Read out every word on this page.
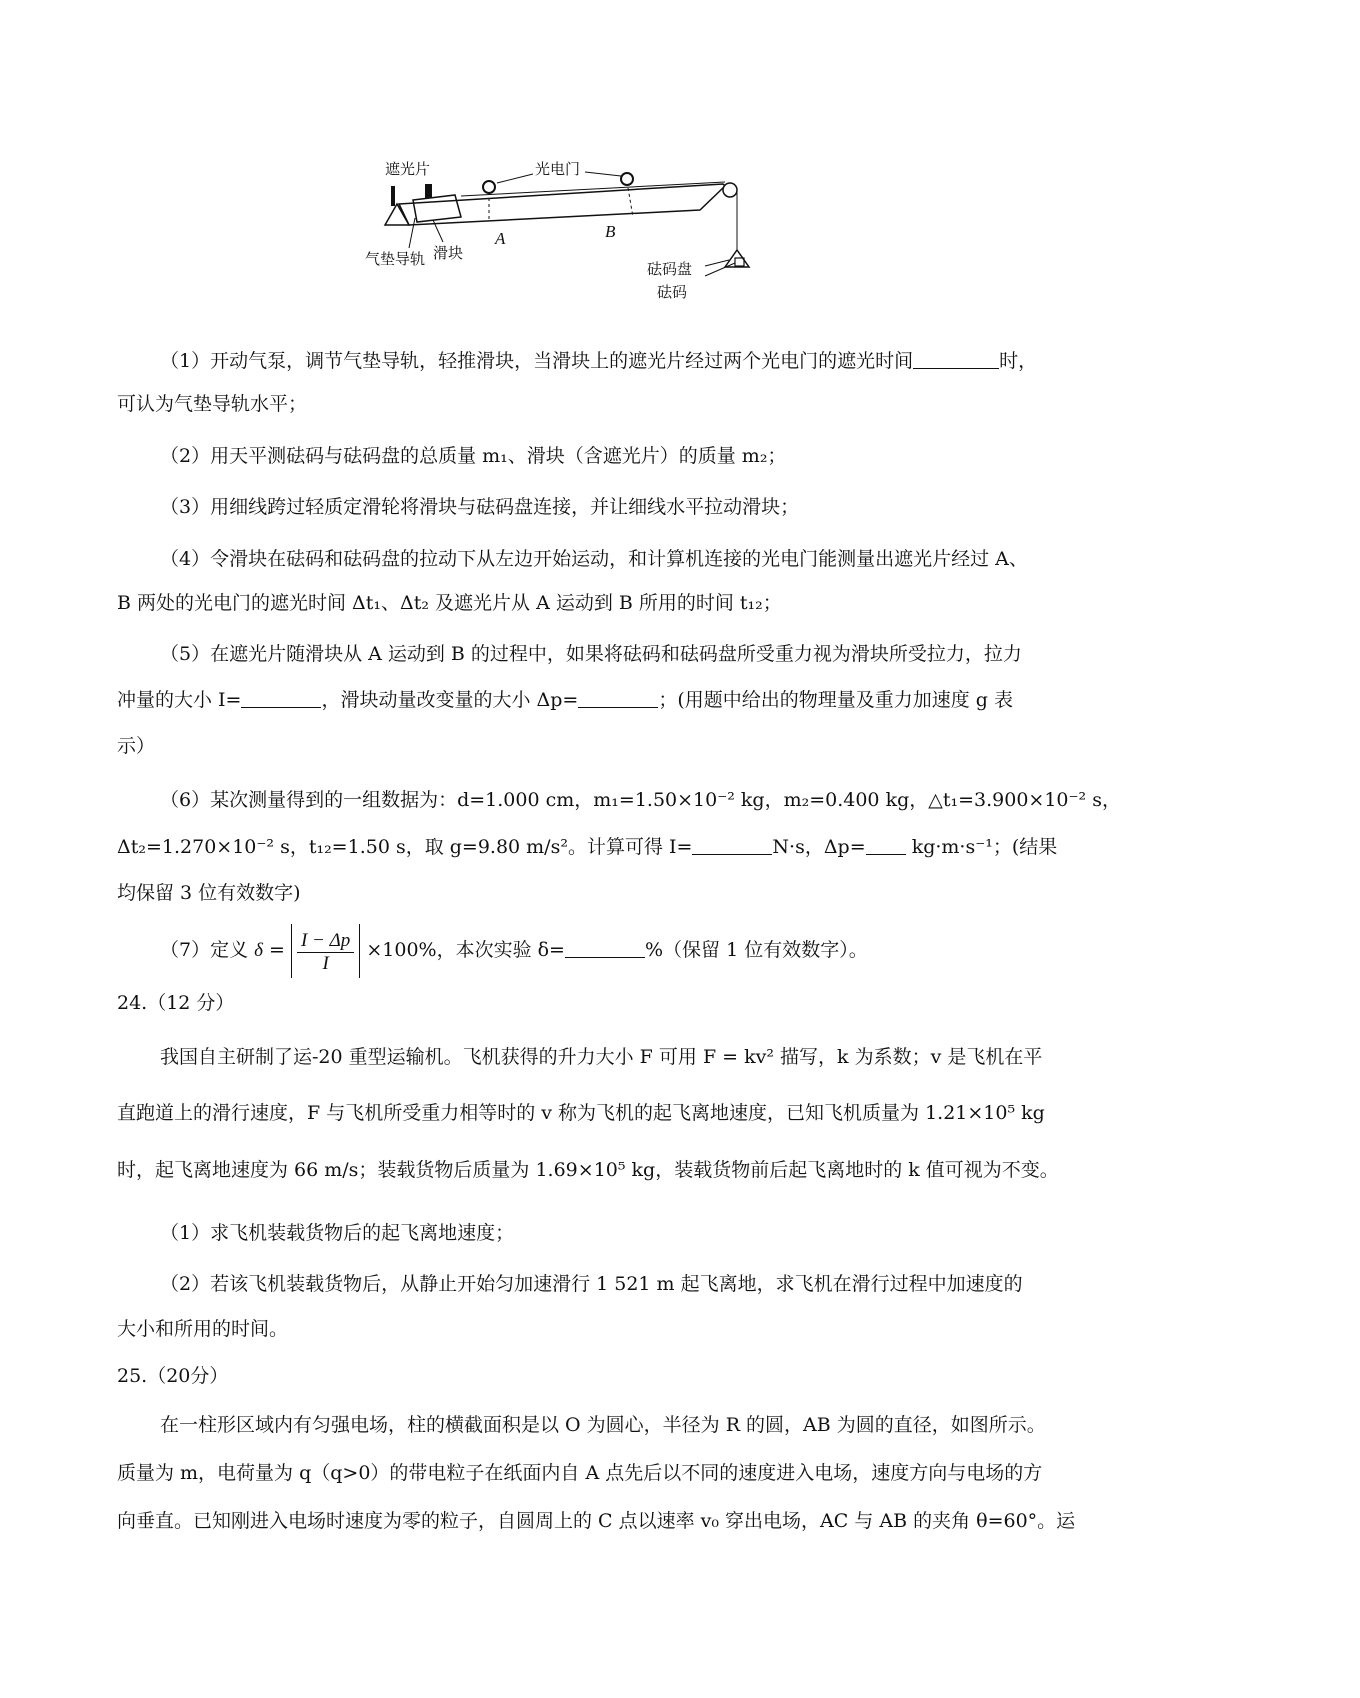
遮光片	光电门
气垫导轨 滑块
A	B
砝码盘
砝码
（1）开动气泵，调节气垫导轨，轻推滑块，当滑块上的遮光片经过两个光电门的遮光时间	时，
可认为气垫导轨水平；
（2）用天平测砝码与砝码盘的总质量 m₁、滑块（含遮光片）的质量 m₂；
（3）用细线跨过轻质定滑轮将滑块与砝码盘连接，并让细线水平拉动滑块；
（4）令滑块在砝码和砝码盘的拉动下从左边开始运动，和计算机连接的光电门能测量出遮光片经过 A、
B 两处的光电门的遮光时间 Δt₁、Δt₂ 及遮光片从 A 运动到 B 所用的时间 t₁₂；
（5）在遮光片随滑块从 A 运动到 B 的过程中，如果将砝码和砝码盘所受重力视为滑块所受拉力，拉力
冲量的大小 I=	，滑块动量改变量的大小 Δp=	；(用题中给出的物理量及重力加速度 g 表
示）
（6）某次测量得到的一组数据为：d=1.000 cm，m₁=1.50×10⁻² kg，m₂=0.400 kg，△t₁=3.900×10⁻² s，
Δt₂=1.270×10⁻² s，t₁₂=1.50 s，取 g=9.80 m/s²。计算可得 I=	N·s，Δp= kg·m·s⁻¹；(结果
均保留 3 位有效数字)
（7）定义 $\delta = \frac{I - \Delta p}{I} \times 100\%$，本次实验 δ=	%（保留 1 位有效数字）。
24.（12 分）
我国自主研制了运-20 重型运输机。飞机获得的升力大小 F 可用 F = kv² 描写，k 为系数；v 是飞机在平
直跑道上的滑行速度，F 与飞机所受重力相等时的 v 称为飞机的起飞离地速度，已知飞机质量为 1.21×10⁵ kg
时，起飞离地速度为 66 m/s；装载货物后质量为 1.69×10⁵ kg，装载货物前后起飞离地时的 k 值可视为不变。
（1）求飞机装载货物后的起飞离地速度；
（2）若该飞机装载货物后，从静止开始匀加速滑行 1 521 m 起飞离地，求飞机在滑行过程中加速度的
大小和所用的时间。
25.（20分）
在一柱形区域内有匀强电场，柱的横截面积是以 O 为圆心，半径为 R 的圆，AB 为圆的直径，如图所示。
质量为 m，电荷量为 q（q>0）的带电粒子在纸面内自 A 点先后以不同的速度进入电场，速度方向与电场的方
向垂直。已知刚进入电场时速度为零的粒子，自圆周上的 C 点以速率 v₀ 穿出电场，AC 与 AB 的夹角 θ=60°。运
